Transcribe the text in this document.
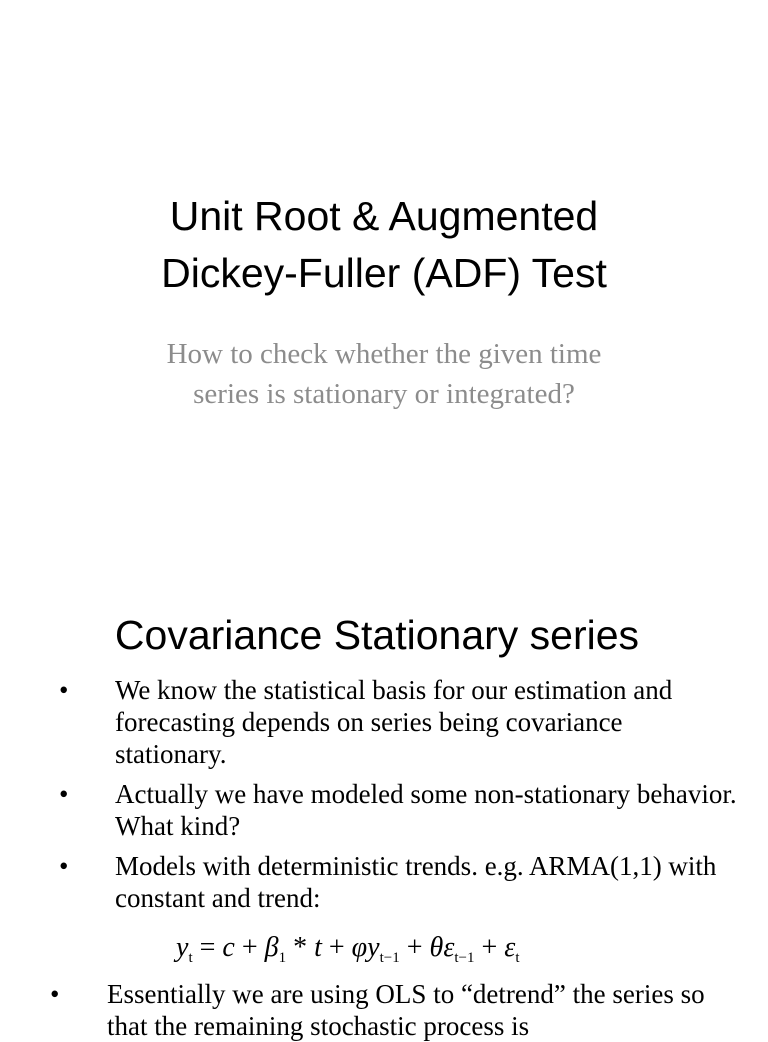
Unit Root & Augmented
Dickey-Fuller (ADF) Test
How to check whether the given time
series is stationary or integrated?
Covariance Stationary series
• We know the statistical basis for our estimation and forecasting depends on series being covariance stationary.
• Actually we have modeled some non-stationary behavior. What kind?
• Models with deterministic trends. e.g. ARMA(1,1) with constant and trend:
$y_t = c + \beta_1 * t + \varphi y_{t-1} + \theta\varepsilon_{t-1} + \varepsilon_t$
•	Essentially we are using OLS to “detrend” the series so that the remaining stochastic process is
